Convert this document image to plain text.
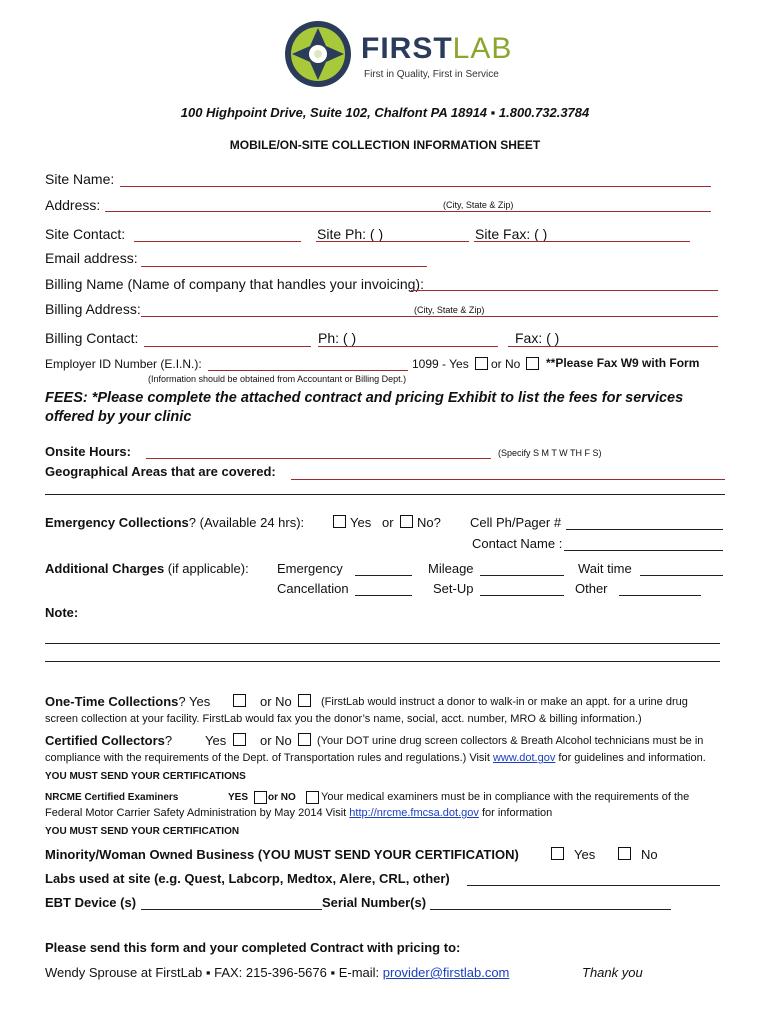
FIRSTLAB
First in Quality, First in Service
100 Highpoint Drive, Suite 102, Chalfont PA 18914 ▪ 1.800.732.3784
MOBILE/ON-SITE COLLECTION INFORMATION SHEET
Site Name:
Address:	(City, State & Zip)
Site Contact:	Site Ph: ( )	Site Fax: ( )
Email address:
Billing Name (Name of company that handles your invoicing):
Billing Address:	(City, State & Zip)
Billing Contact:	Ph: ( )	Fax: ( )
Employer ID Number (E.I.N.):	1099 - Yes or No **Please Fax W9 with Form
(Information should be obtained from Accountant or Billing Dept.)
FEES: *Please complete the attached contract and pricing Exhibit to list the fees for services
offered by your clinic
Onsite Hours:	(Specify S M T W TH F S)
Geographical Areas that are covered:
Emergency Collections? (Available 24 hrs):	Yes or No? Cell Ph/Pager #
Contact Name :
Additional Charges (if applicable): Emergency	Mileage	Wait time
Cancellation	Set-Up	Other
Note:
One-Time Collections? Yes	or No	(FirstLab would instruct a donor to walk-in or make an appt. for a urine drug
screen collection at your facility. FirstLab would fax you the donor’s name, social, acct. number, MRO & billing information.)
Certified Collectors?	Yes	or No (Your DOT urine drug screen collectors & Breath Alcohol technicians must be in
compliance with the requirements of the Dept. of Transportation rules and regulations.) Visit www.dot.gov for guidelines and information.
YOU MUST SEND YOUR CERTIFICATIONS
NRCME Certified Examiners	YES or NO Your medical examiners must be in compliance with the requirements of the
Federal Motor Carrier Safety Administration by May 2014 Visit http://nrcme.fmcsa.dot.gov for information
YOU MUST SEND YOUR CERTIFICATION
Minority/Woman Owned Business (YOU MUST SEND YOUR CERTIFICATION)	Yes	No
Labs used at site (e.g. Quest, Labcorp, Medtox, Alere, CRL, other)
EBT Device (s)	Serial Number(s)
Please send this form and your completed Contract with pricing to:
Wendy Sprouse at FirstLab ▪ FAX: 215-396-5676 ▪ E-mail: provider@firstlab.com	Thank you
